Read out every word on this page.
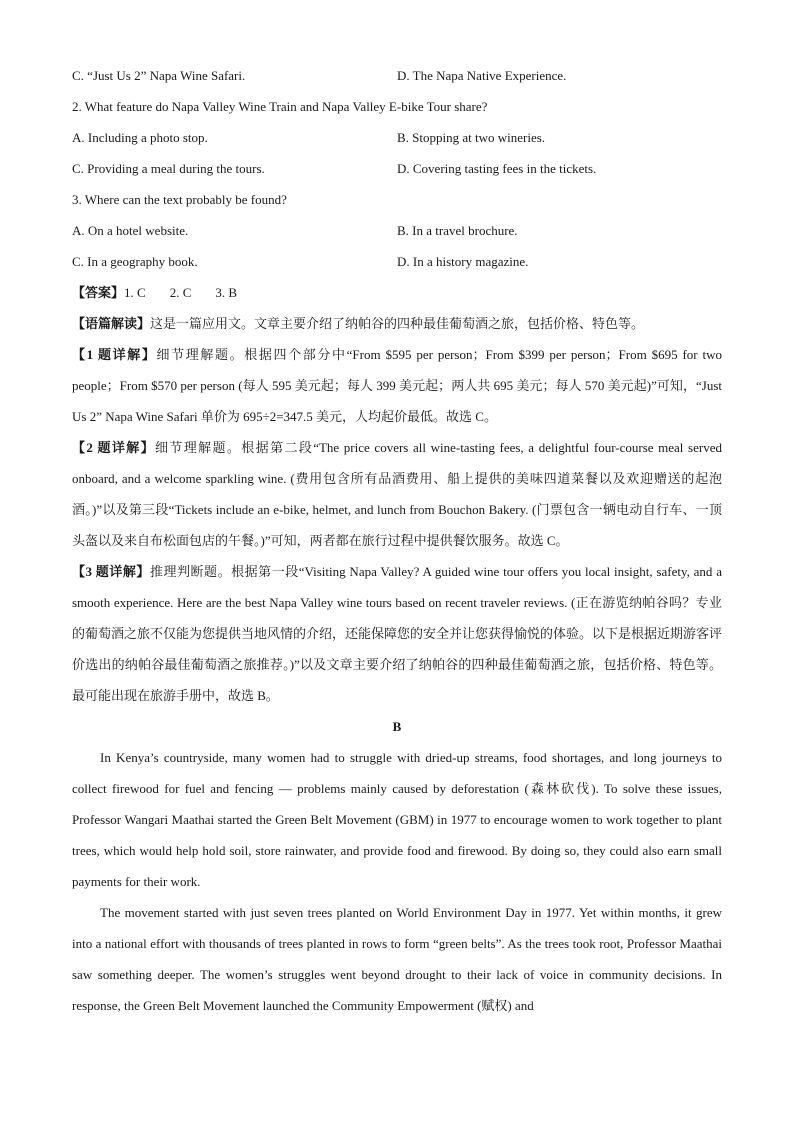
C. “Just Us 2” Napa Wine Safari.	D. The Napa Native Experience.
2. What feature do Napa Valley Wine Train and Napa Valley E-bike Tour share?
A. Including a photo stop.	B. Stopping at two wineries.
C. Providing a meal during the tours.	D. Covering tasting fees in the tickets.
3. Where can the text probably be found?
A. On a hotel website.	B. In a travel brochure.
C. In a geography book.	D. In a history magazine.
【答案】1. C 2. C 3. B
【语篇解读】这是一篇应用文。文章主要介绍了纳帕谷的四种最佳葡萄酒之旅，包括价格、特色等。
【1 题详解】细节理解题。根据四个部分中“From $595 per person；From $399 per person；From $695 for two people；From $570 per person (每人 595 美元起；每人 399 美元起；两人共 695 美元；每人 570 美元起)”可知，“Just Us 2” Napa Wine Safari 单价为 695÷2=347.5 美元，人均起价最低。故选 C。
【2 题详解】细节理解题。根据第二段“The price covers all wine-tasting fees, a delightful four-course meal served onboard, and a welcome sparkling wine. (费用包含所有品酒费用、船上提供的美味四道菜餐以及欢迎赠送的起泡酒。)”以及第三段“Tickets include an e-bike, helmet, and lunch from Bouchon Bakery. (门票包含一辆电动自行车、一顶头盔以及来自布松面包店的午餐。)”可知，两者都在旅行过程中提供餐饮服务。故选 C。
【3 题详解】推理判断题。根据第一段“Visiting Napa Valley? A guided wine tour offers you local insight, safety, and a smooth experience. Here are the best Napa Valley wine tours based on recent traveler reviews. (正在游览纳帕谷吗？专业的葡萄酒之旅不仅能为您提供当地风情的介绍，还能保障您的安全并让您获得愉悦的体验。以下是根据近期游客评价选出的纳帕谷最佳葡萄酒之旅推荐。)”以及文章主要介绍了纳帕谷的四种最佳葡萄酒之旅，包括价格、特色等。最可能出现在旅游手册中，故选 B。
B

In Kenya’s countryside, many women had to struggle with dried-up streams, food shortages, and long journeys to collect firewood for fuel and fencing — problems mainly caused by deforestation (森林砍伐). To solve these issues, Professor Wangari Maathai started the Green Belt Movement (GBM) in 1977 to encourage women to work together to plant trees, which would help hold soil, store rainwater, and provide food and firewood. By doing so, they could also earn small payments for their work.

The movement started with just seven trees planted on World Environment Day in 1977. Yet within months, it grew into a national effort with thousands of trees planted in rows to form “green belts”. As the trees took root, Professor Maathai saw something deeper. The women’s struggles went beyond drought to their lack of voice in community decisions. In response, the Green Belt Movement launched the Community Empowerment (赋权) and
